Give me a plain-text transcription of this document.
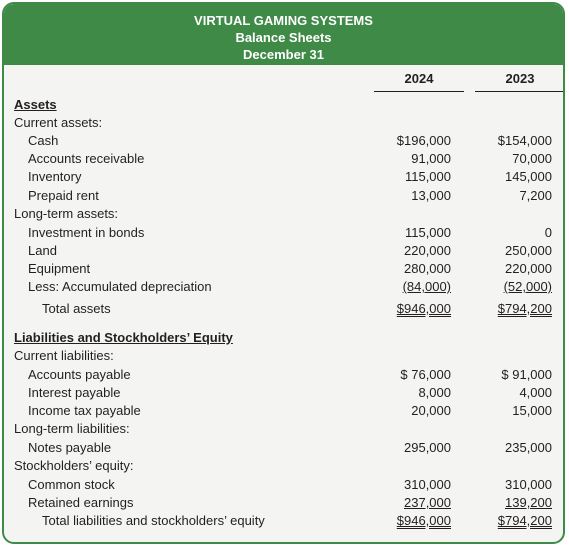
VIRTUAL GAMING SYSTEMS
Balance Sheets
December 31
2024	2023
Assets
Current assets:
Cash	$196,000	$154,000
Accounts receivable	91,000	70,000
Inventory	115,000	145,000
Prepaid rent	13,000	7,200
Long-term assets:
Investment in bonds	115,000	0
Land	220,000	250,000
Equipment	280,000	220,000
Less: Accumulated depreciation	(84,000)	(52,000)
Total assets	$946,000	$794,200
Liabilities and Stockholders’ Equity
Current liabilities:
Accounts payable	$ 76,000	$ 91,000
Interest payable	8,000	4,000
Income tax payable	20,000	15,000
Long-term liabilities:
Notes payable	295,000	235,000
Stockholders’ equity:
Common stock	310,000	310,000
Retained earnings	237,000	139,200
Total liabilities and stockholders’ equity	$946,000	$794,200
